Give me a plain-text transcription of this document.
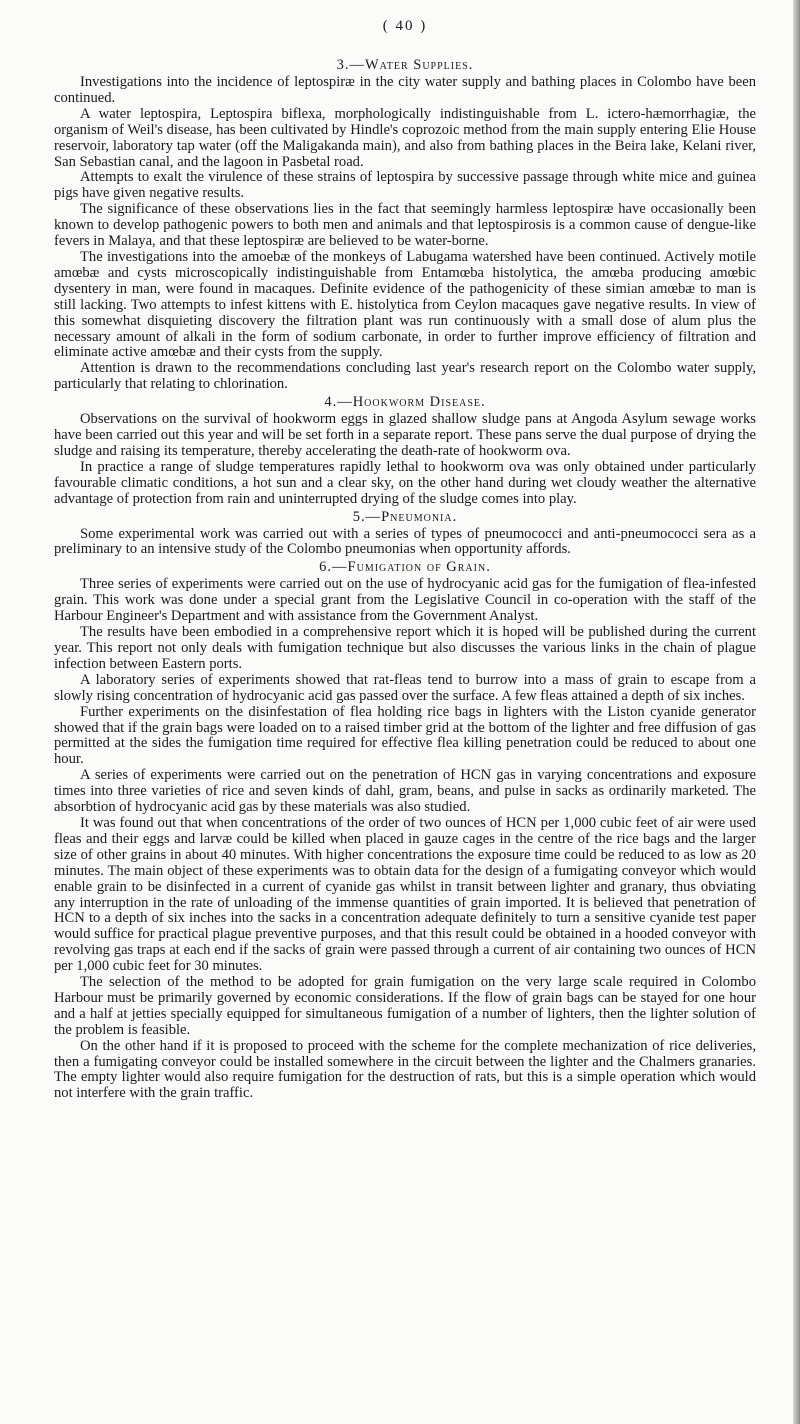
( 40 )
3.—Water Supplies.

Investigations into the incidence of leptospiræ in the city water supply and bathing places in Colombo have been continued.

A water leptospira, Leptospira biflexa, morphologically indistinguishable from L. ictero-hæmorrhagiæ, the organism of Weil's disease, has been cultivated by Hindle's coprozoic method from the main supply entering Elie House reservoir, laboratory tap water (off the Maligakanda main), and also from bathing places in the Beira lake, Kelani river, San Sebastian canal, and the lagoon in Pasbetal road.

Attempts to exalt the virulence of these strains of leptospira by successive passage through white mice and guinea pigs have given negative results.

The significance of these observations lies in the fact that seemingly harmless leptospiræ have occasionally been known to develop pathogenic powers to both men and animals and that leptospirosis is a common cause of dengue-like fevers in Malaya, and that these leptospiræ are believed to be water-borne.

The investigations into the amoebæ of the monkeys of Labugama watershed have been continued. Actively motile amœbæ and cysts microscopically indistinguishable from Entamœba histolytica, the amœba producing amœbic dysentery in man, were found in macaques. Definite evidence of the pathogenicity of these simian amœbæ to man is still lacking. Two attempts to infest kittens with E. histolytica from Ceylon macaques gave negative results. In view of this somewhat disquieting discovery the filtration plant was run continuously with a small dose of alum plus the necessary amount of alkali in the form of sodium carbonate, in order to further improve efficiency of filtration and eliminate active amœbæ and their cysts from the supply.

Attention is drawn to the recommendations concluding last year's research report on the Colombo water supply, particularly that relating to chlorination.

4.—Hookworm Disease.

Observations on the survival of hookworm eggs in glazed shallow sludge pans at Angoda Asylum sewage works have been carried out this year and will be set forth in a separate report. These pans serve the dual purpose of drying the sludge and raising its temperature, thereby accelerating the death-rate of hookworm ova.

In practice a range of sludge temperatures rapidly lethal to hookworm ova was only obtained under particularly favourable climatic conditions, a hot sun and a clear sky, on the other hand during wet cloudy weather the alternative advantage of protection from rain and uninterrupted drying of the sludge comes into play.

5.—Pneumonia.

Some experimental work was carried out with a series of types of pneumococci and anti-pneumococci sera as a preliminary to an intensive study of the Colombo pneumonias when opportunity affords.

6.—Fumigation of Grain.

Three series of experiments were carried out on the use of hydrocyanic acid gas for the fumigation of flea-infested grain. This work was done under a special grant from the Legislative Council in co-operation with the staff of the Harbour Engineer's Department and with assistance from the Government Analyst.

The results have been embodied in a comprehensive report which it is hoped will be published during the current year. This report not only deals with fumigation technique but also discusses the various links in the chain of plague infection between Eastern ports.

A laboratory series of experiments showed that rat-fleas tend to burrow into a mass of grain to escape from a slowly rising concentration of hydrocyanic acid gas passed over the surface. A few fleas attained a depth of six inches.

Further experiments on the disinfestation of flea holding rice bags in lighters with the Liston cyanide generator showed that if the grain bags were loaded on to a raised timber grid at the bottom of the lighter and free diffusion of gas permitted at the sides the fumigation time required for effective flea killing penetration could be reduced to about one hour.

A series of experiments were carried out on the penetration of HCN gas in varying concentrations and exposure times into three varieties of rice and seven kinds of dahl, gram, beans, and pulse in sacks as ordinarily marketed. The absorbtion of hydrocyanic acid gas by these materials was also studied.

It was found out that when concentrations of the order of two ounces of HCN per 1,000 cubic feet of air were used fleas and their eggs and larvæ could be killed when placed in gauze cages in the centre of the rice bags and the larger size of other grains in about 40 minutes. With higher concentrations the exposure time could be reduced to as low as 20 minutes. The main object of these experiments was to obtain data for the design of a fumigating conveyor which would enable grain to be disinfected in a current of cyanide gas whilst in transit between lighter and granary, thus obviating any interruption in the rate of unloading of the immense quantities of grain imported. It is believed that penetration of HCN to a depth of six inches into the sacks in a concentration adequate definitely to turn a sensitive cyanide test paper would suffice for practical plague preventive purposes, and that this result could be obtained in a hooded conveyor with revolving gas traps at each end if the sacks of grain were passed through a current of air containing two ounces of HCN per 1,000 cubic feet for 30 minutes.

The selection of the method to be adopted for grain fumigation on the very large scale required in Colombo Harbour must be primarily governed by economic considerations. If the flow of grain bags can be stayed for one hour and a half at jetties specially equipped for simultaneous fumigation of a number of lighters, then the lighter solution of the problem is feasible.

On the other hand if it is proposed to proceed with the scheme for the complete mechanization of rice deliveries, then a fumigating conveyor could be installed somewhere in the circuit between the lighter and the Chalmers granaries. The empty lighter would also require fumigation for the destruction of rats, but this is a simple operation which would not interfere with the grain traffic.
